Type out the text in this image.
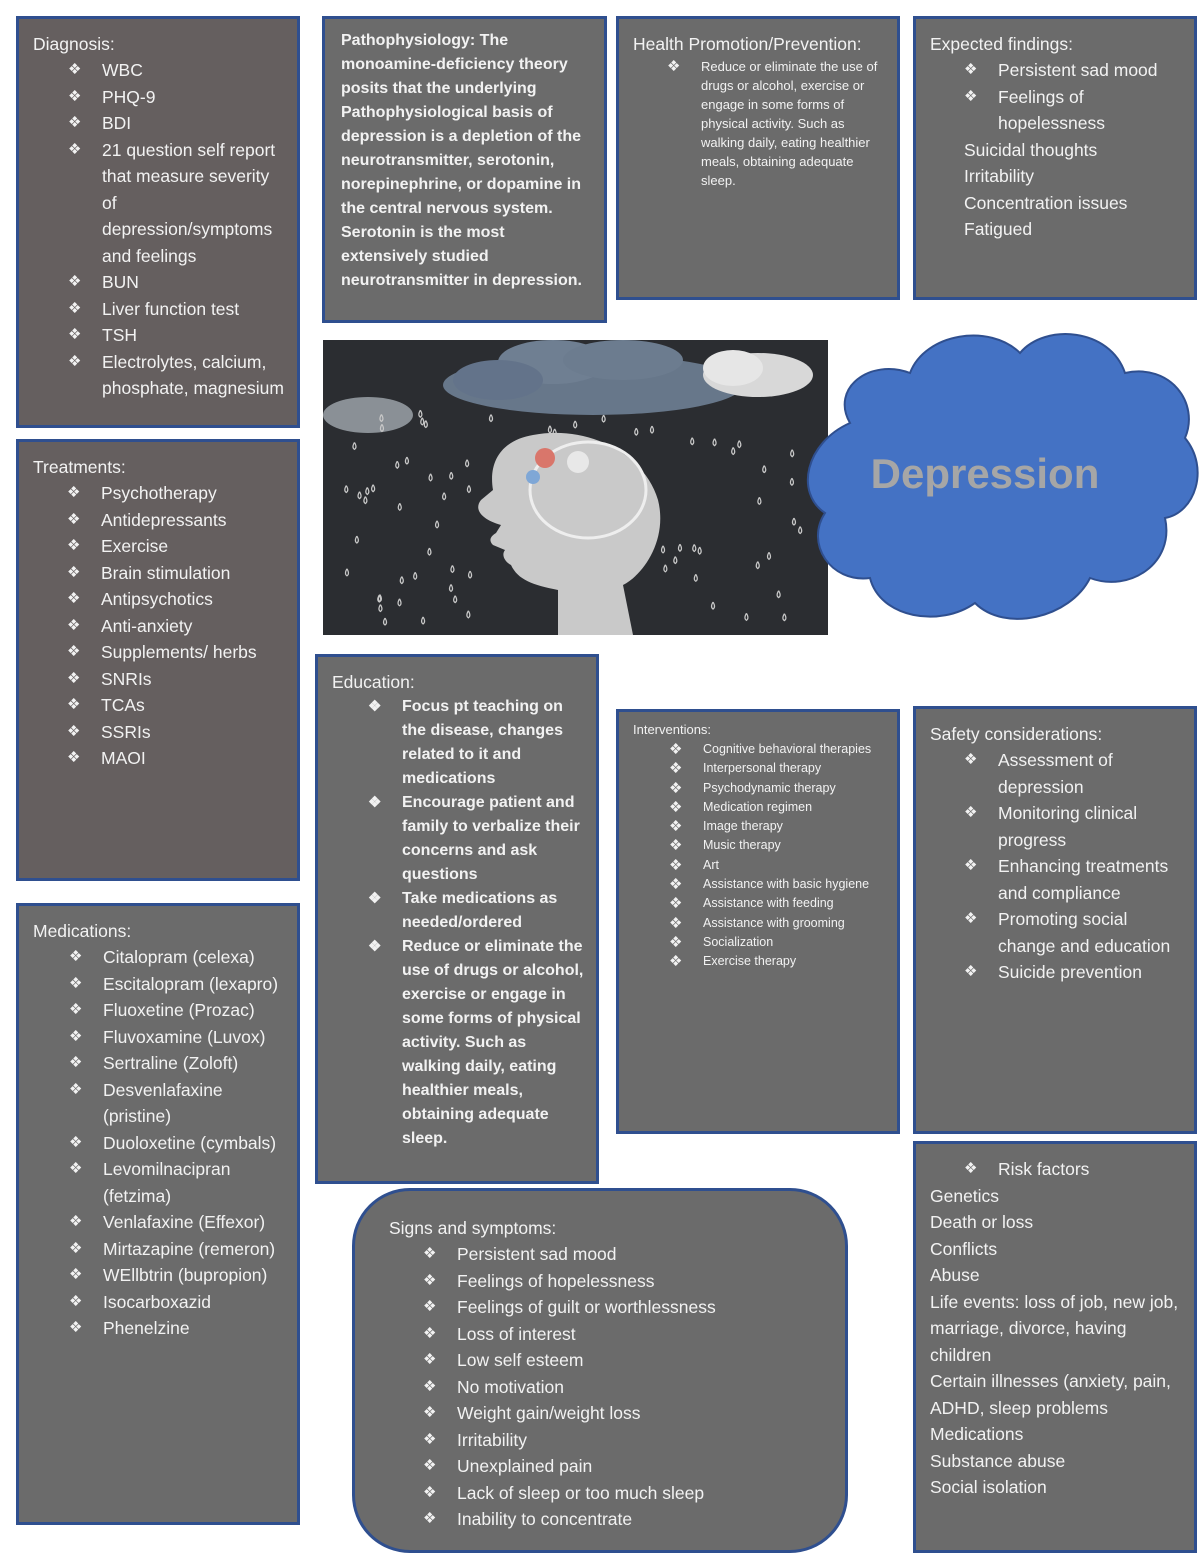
Diagnosis:
❖ WBC
❖ PHQ-9
❖ BDI
❖ 21 question self report that measure severity of depression/symptoms and feelings
❖ BUN
❖ Liver function test
❖ TSH
❖ Electrolytes, calcium, phosphate, magnesium
Pathophysiology: The monoamine-deficiency theory posits that the underlying Pathophysiological basis of depression is a depletion of the neurotransmitter, serotonin, norepinephrine, or dopamine in the central nervous system. Serotonin is the most extensively studied neurotransmitter in depression.
Health Promotion/Prevention:
❖ Reduce or eliminate the use of drugs or alcohol, exercise or engage in some forms of physical activity. Such as walking daily, eating healthier meals, obtaining adequate sleep.
Expected findings:
❖ Persistent sad mood
❖ Feelings of hopelessness
Suicidal thoughts
Irritability
Concentration issues
Fatigued
Depression
Treatments:
❖ Psychotherapy
❖ Antidepressants
❖ Exercise
❖ Brain stimulation
❖ Antipsychotics
❖ Anti-anxiety
❖ Supplements/ herbs
❖ SNRIs
❖ TCAs
❖ SSRIs
❖ MAOI
Education:
❖ Focus pt teaching on the disease, changes related to it and medications
❖ Encourage patient and family to verbalize their concerns and ask questions
❖ Take medications as needed/ordered
❖ Reduce or eliminate the use of drugs or alcohol, exercise or engage in some forms of physical activity. Such as walking daily, eating healthier meals, obtaining adequate sleep.
Interventions:
❖ Cognitive behavioral therapies
❖ Interpersonal therapy
❖ Psychodynamic therapy
❖ Medication regimen
❖ Image therapy
❖ Music therapy
❖ Art
❖ Assistance with basic hygiene
❖ Assistance with feeding
❖ Assistance with grooming
❖ Socialization
❖ Exercise therapy
Safety considerations:
❖ Assessment of depression
❖ Monitoring clinical progress
❖ Enhancing treatments and compliance
❖ Promoting social change and education
❖ Suicide prevention
Medications:
❖ Citalopram (celexa)
❖ Escitalopram (lexapro)
❖ Fluoxetine (Prozac)
❖ Fluvoxamine (Luvox)
❖ Sertraline (Zoloft)
❖ Desvenlafaxine (pristine)
❖ Duoloxetine (cymbals)
❖ Levomilnacipran (fetzima)
❖ Venlafaxine (Effexor)
❖ Mirtazapine (remeron)
❖ WEllbtrin (bupropion)
❖ Isocarboxazid
❖ Phenelzine
Signs and symptoms:
❖ Persistent sad mood
❖ Feelings of hopelessness
❖ Feelings of guilt or worthlessness
❖ Loss of interest
❖ Low self esteem
❖ No motivation
❖ Weight gain/weight loss
❖ Irritability
❖ Unexplained pain
❖ Lack of sleep or too much sleep
❖ Inability to concentrate
❖ Risk factors
Genetics
Death or loss
Conflicts
Abuse
Life events: loss of job, new job, marriage, divorce, having children
Certain illnesses (anxiety, pain, ADHD, sleep problems
Medications
Substance abuse
Social isolation
